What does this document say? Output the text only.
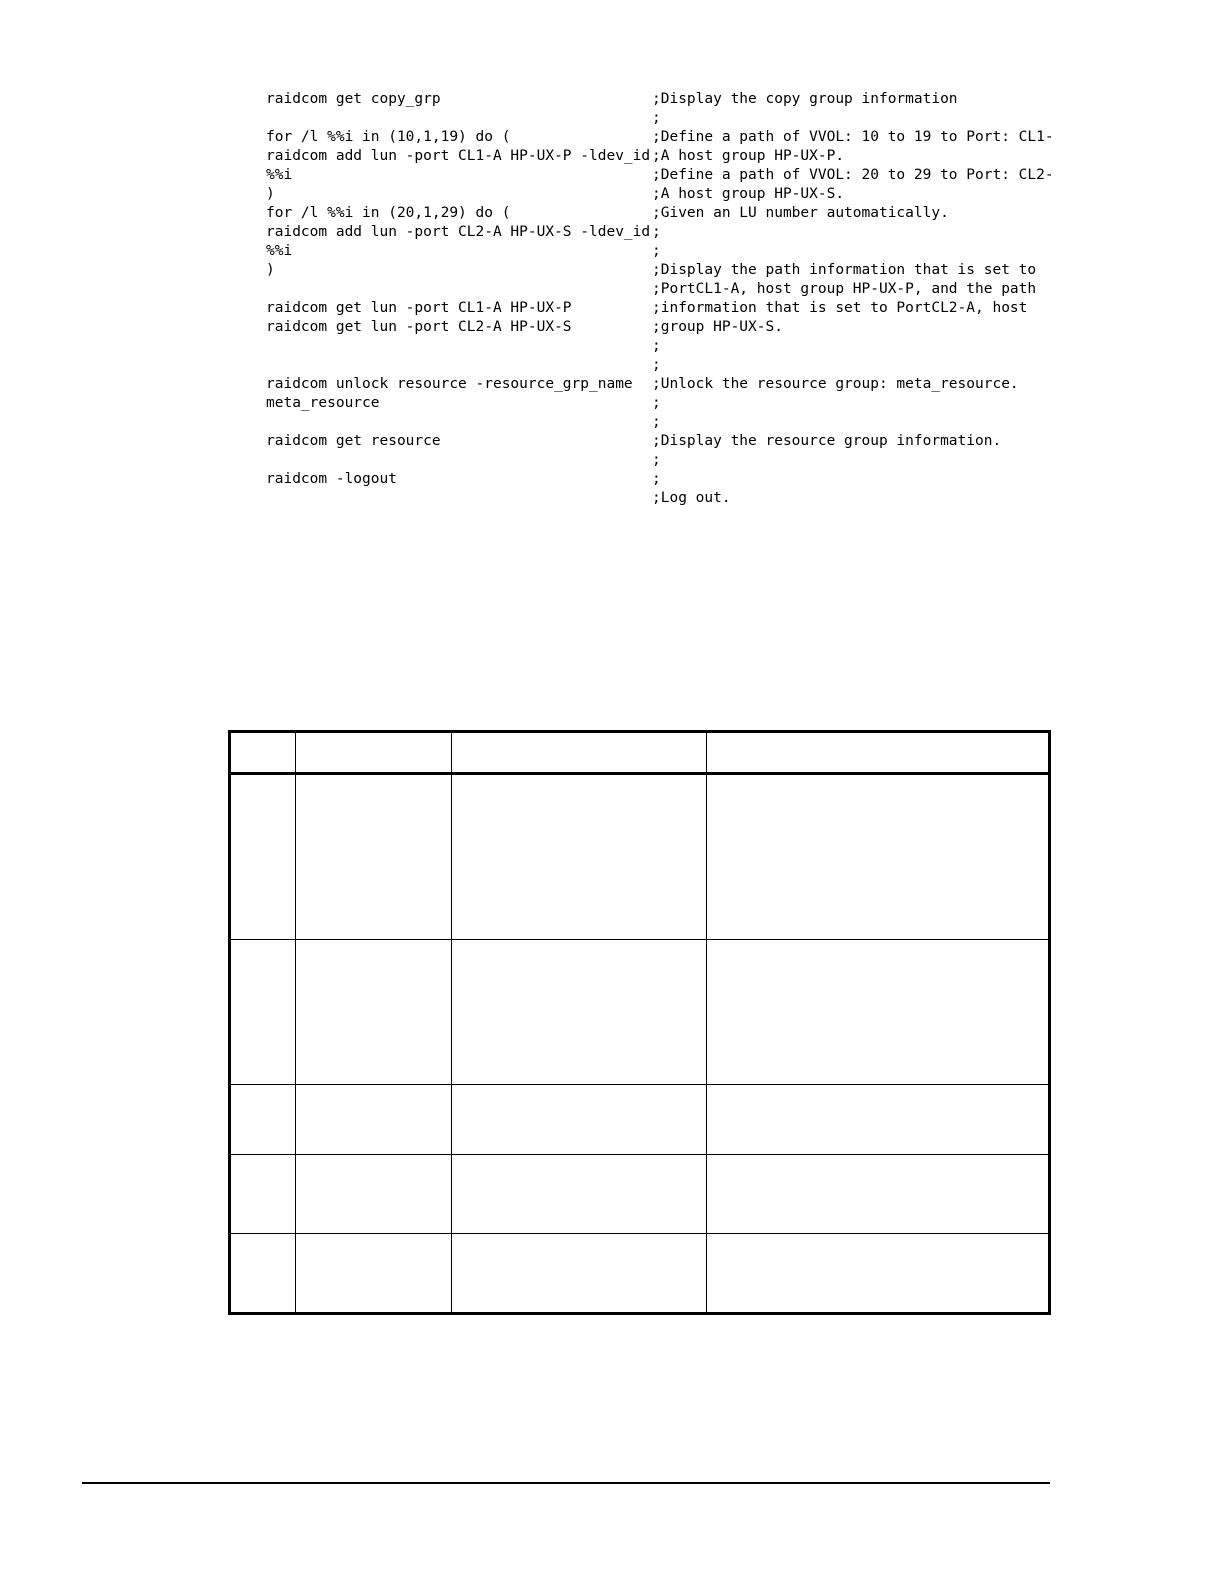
raidcom get copy_grp
for /l %%i in (10,1,19) do (
raidcom add lun -port CL1-A HP-UX-P -ldev_id
%%i
)
for /l %%i in (20,1,29) do (
raidcom add lun -port CL2-A HP-UX-S -ldev_id
%%i
)
raidcom get lun -port CL1-A HP-UX-P
raidcom get lun -port CL2-A HP-UX-S
raidcom unlock resource -resource_grp_name
meta_resource
raidcom get resource
raidcom -logout
;Display the copy group information
;
;Define a path of VVOL: 10 to 19 to Port: CL1-
;A host group HP-UX-P.
;Define a path of VVOL: 20 to 29 to Port: CL2-
;A host group HP-UX-S.
;Given an LU number automatically.
;
;
;Display the path information that is set to
;PortCL1-A, host group HP-UX-P, and the path
;information that is set to PortCL2-A, host
;group HP-UX-S.
;
;
;Unlock the resource group: meta_resource.
;
;
;Display the resource group information.
;
;
;Log out.
